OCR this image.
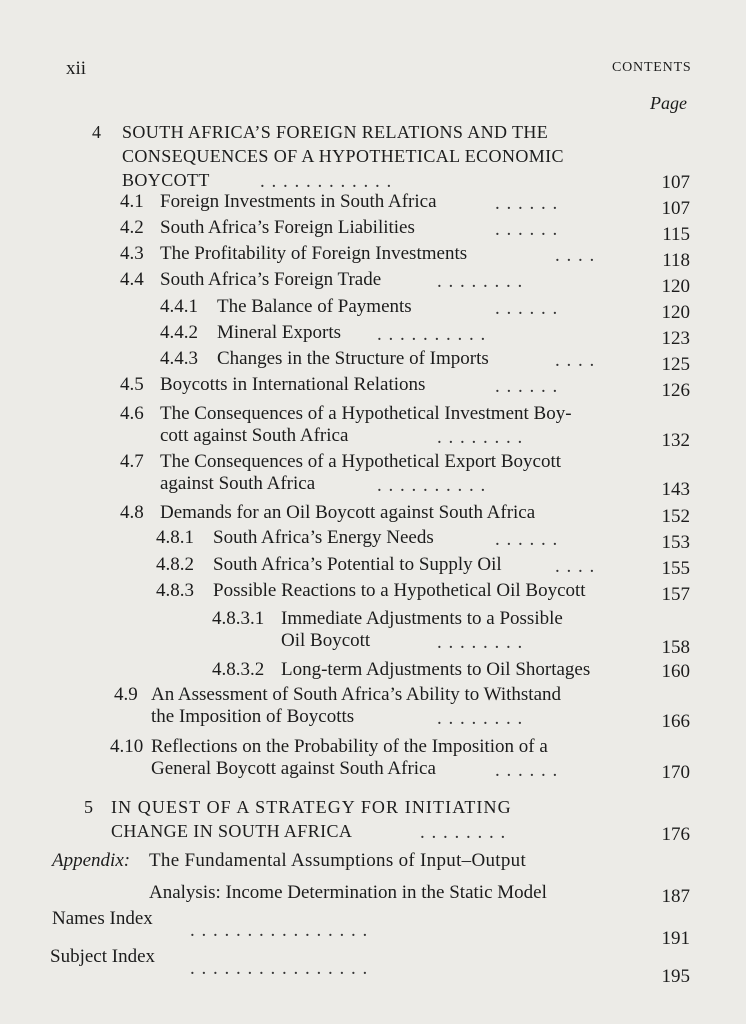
xii	CONTENTS
Page
4 SOUTH AFRICA’S FOREIGN RELATIONS AND THE
CONSEQUENCES OF A HYPOTHETICAL ECONOMIC
BOYCOTT	. . . . . . . . . . . .	107
4.1 Foreign Investments in South Africa	. . . . . .	107
4.2 South Africa’s Foreign Liabilities	. . . . . .	115
4.3 The Profitability of Foreign Investments	. . . .	118
4.4 South Africa’s Foreign Trade	. . . . . . . .	120
4.4.1 The Balance of Payments	. . . . . .	120
4.4.2 Mineral Exports . . . . . . . . . .	123
4.4.3 Changes in the Structure of Imports	. . . .	125
4.5 Boycotts in International Relations	. . . . . .	126
4.6 The Consequences of a Hypothetical Investment Boy-
cott against South Africa	. . . . . . . .	132
4.7 The Consequences of a Hypothetical Export Boycott
against South Africa	. . . . . . . . . .	143
4.8 Demands for an Oil Boycott against South Africa	152
4.8.1 South Africa’s Energy Needs	. . . . . .	153
4.8.2 South Africa’s Potential to Supply Oil	. . . .	155
4.8.3 Possible Reactions to a Hypothetical Oil Boycott	157
4.8.3.1 Immediate Adjustments to a Possible
Oil Boycott	. . . . . . . .	158
4.8.3.2 Long-term Adjustments to Oil Shortages	160
4.9 An Assessment of South Africa’s Ability to Withstand
the Imposition of Boycotts	. . . . . . . .	166
4.10 Reflections on the Probability of the Imposition of a
General Boycott against South Africa	. . . . . .	170
5 IN QUEST OF A STRATEGY FOR INITIATING
CHANGE IN SOUTH AFRICA	. . . . . . . .	176
Appendix: The Fundamental Assumptions of Input–Output
Analysis: Income Determination in the Static Model	187
Names Index
. . . . . . . . . . . . . . . .	191
Subject Index
. . . . . . . . . . . . . . . .	195
